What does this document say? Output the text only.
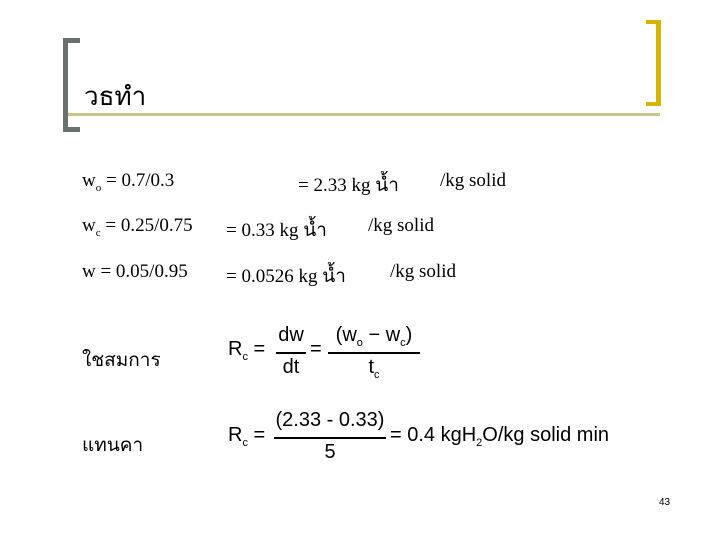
วธทำ
$w_o = 0.7/0.3$	= 2.33 kg น้ำ /kg solid
$w_c = 0.25/0.75 = 0.33$ kg น้ำ /kg solid
w = 0.05/0.95 = 0.0526 kg น้ำ /kg solid
ใชสมการ
$R_c$ =
dw
dt
=
$(w_o - w_c)$
$t_c$
แทนคา	$R_c$ =
(2.33 - 0.33)
5
= 0.4 kgH$_2$O/kg solid min
43
